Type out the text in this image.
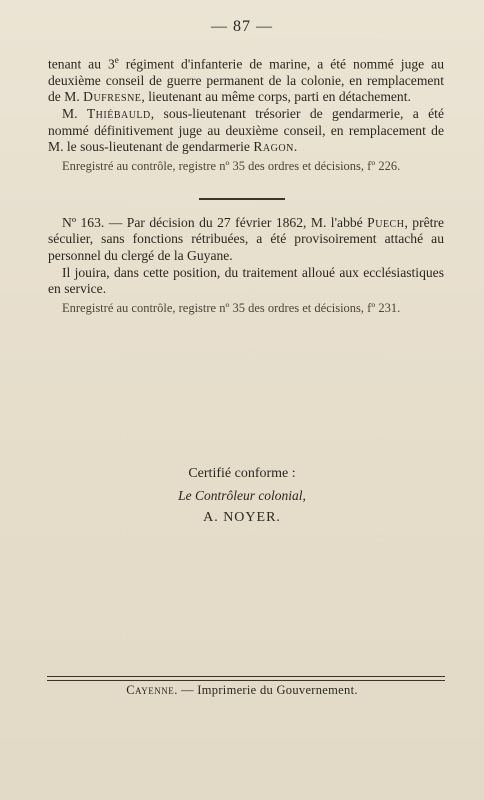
— 87 —

tenant au 3e régiment d'infanterie de marine, a été nommé juge au deuxième conseil de guerre permanent de la colonie, en remplacement de M. Dufresne, lieutenant au même corps, parti en détachement.

M. Thiébauld, sous-lieutenant trésorier de gendarmerie, a été nommé définitivement juge au deuxième conseil, en remplacement de M. le sous-lieutenant de gendarmerie Ragon.

Enregistré au contrôle, registre nº 35 des ordres et décisions, fº 226.

Nº 163. — Par décision du 27 février 1862, M. l'abbé Puech, prêtre séculier, sans fonctions rétribuées, a été provisoirement attaché au personnel du clergé de la Guyane.

Il jouira, dans cette position, du traitement alloué aux ecclésiastiques en service.

Enregistré au contrôle, registre nº 35 des ordres et décisions, fº 231.

Certifié conforme :
Le Contrôleur colonial,
A. NOYER.
Cayenne. — Imprimerie du Gouvernement.
